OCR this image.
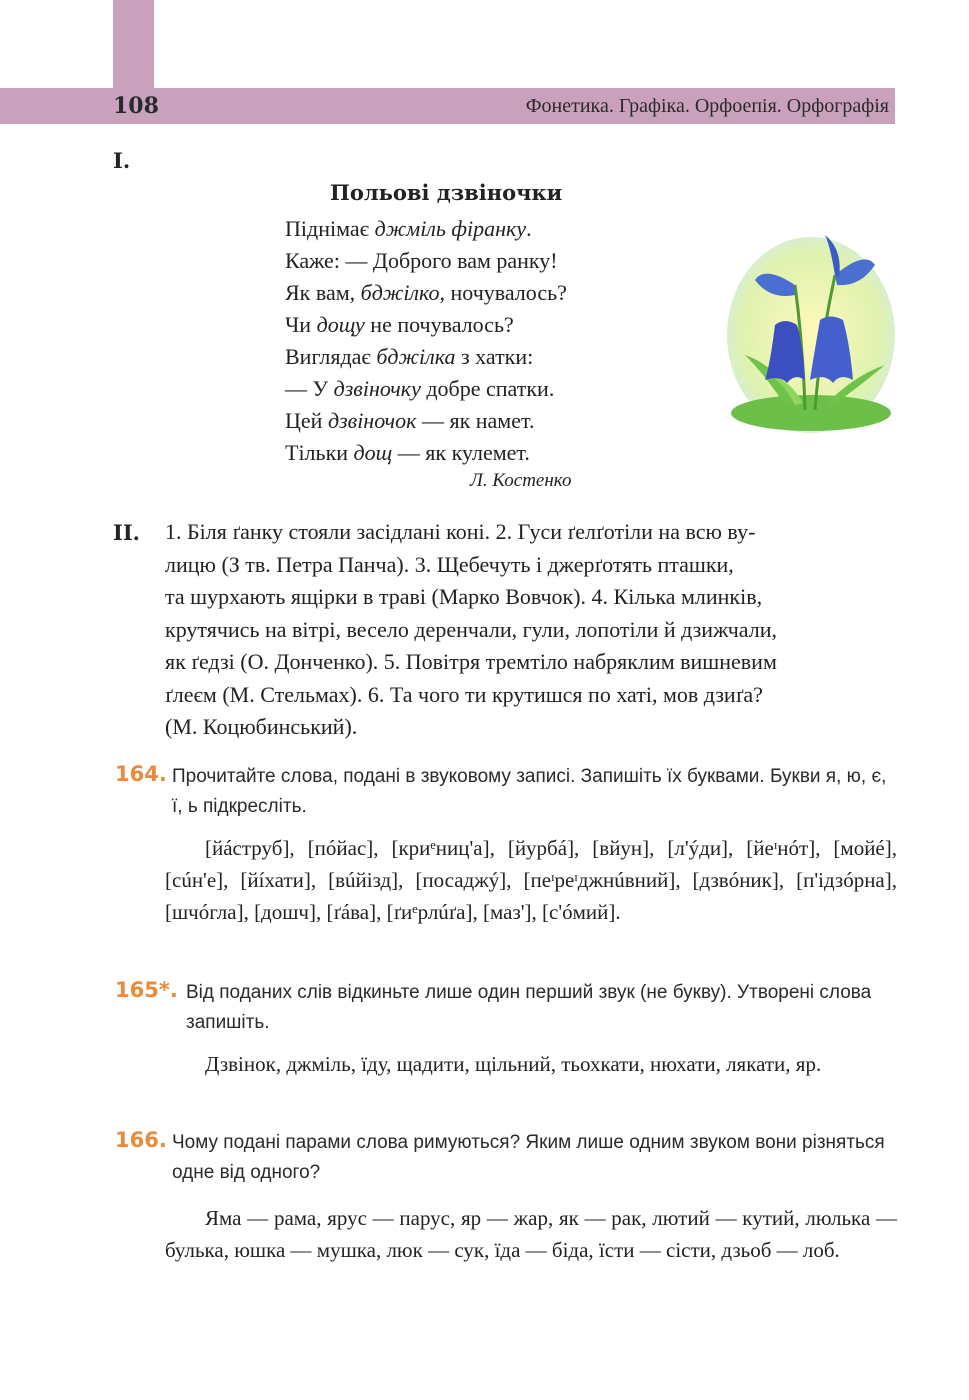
108	Фонетика. Графіка. Орфоепія. Орфографія
I.
Польові дзвіночки
Піднімає джміль фіранку.
Каже: — Доброго вам ранку!
Як вам, бджілко, ночувалось?
Чи дощу не почувалось?
Виглядає бджілка з хатки:
— У дзвіночку добре спатки.
Цей дзвіночок — як намет.
Тільки дощ — як кулемет.
Л. Костенко
II. 1. Біля ґанку стояли засідлані коні. 2. Гуси ґелґотіли на всю ву-
лицю (З тв. Петра Панча). 3. Щебечуть і джерґотять пташки,
та шурхають ящірки в траві (Марко Вовчок). 4. Кілька млинків,
крутячись на вітрі, весело деренчали, гули, лопотіли й дзижчали,
як ґедзі (О. Донченко). 5. Повітря тремтіло набряклим вишневим
ґлеєм (М. Стельмах). 6. Та чого ти крутишся по хаті, мов дзиґа?
(М. Коцюбинський).
164. Прочитайте слова, подані в звуковому записі. Запишіть їх буквами. Букви я, ю, є, ї, ь підкресліть.
[йáструб], [пóйас], [криᵉниц'а], [йурбá], [вйун], [л'ýди], [йеᶦнóт], [мойé], [сúн'е], [йíхати], [вúйізд], [посаджý], [пеᶦреᶦджнúвний], [дзвóник], [п'ідзóрна], [шчóгла], [дошч], [ґáва], [ґиᵉрлúґа], [маз'], [с'óмий].
165*. Від поданих слів відкиньте лише один перший звук (не букву). Утворені слова запишіть.
Дзвінок, джміль, їду, щадити, щільний, тьохкати, нюхати, лякати, яр.
166. Чому подані парами слова римуються? Яким лише одним звуком вони різняться одне від одного?
Яма — рама, ярус — парус, яр — жар, як — рак, лютий — кутий, люлька — булька, юшка — мушка, люк — сук, їда — біда, їсти — сісти, дзьоб — лоб.
